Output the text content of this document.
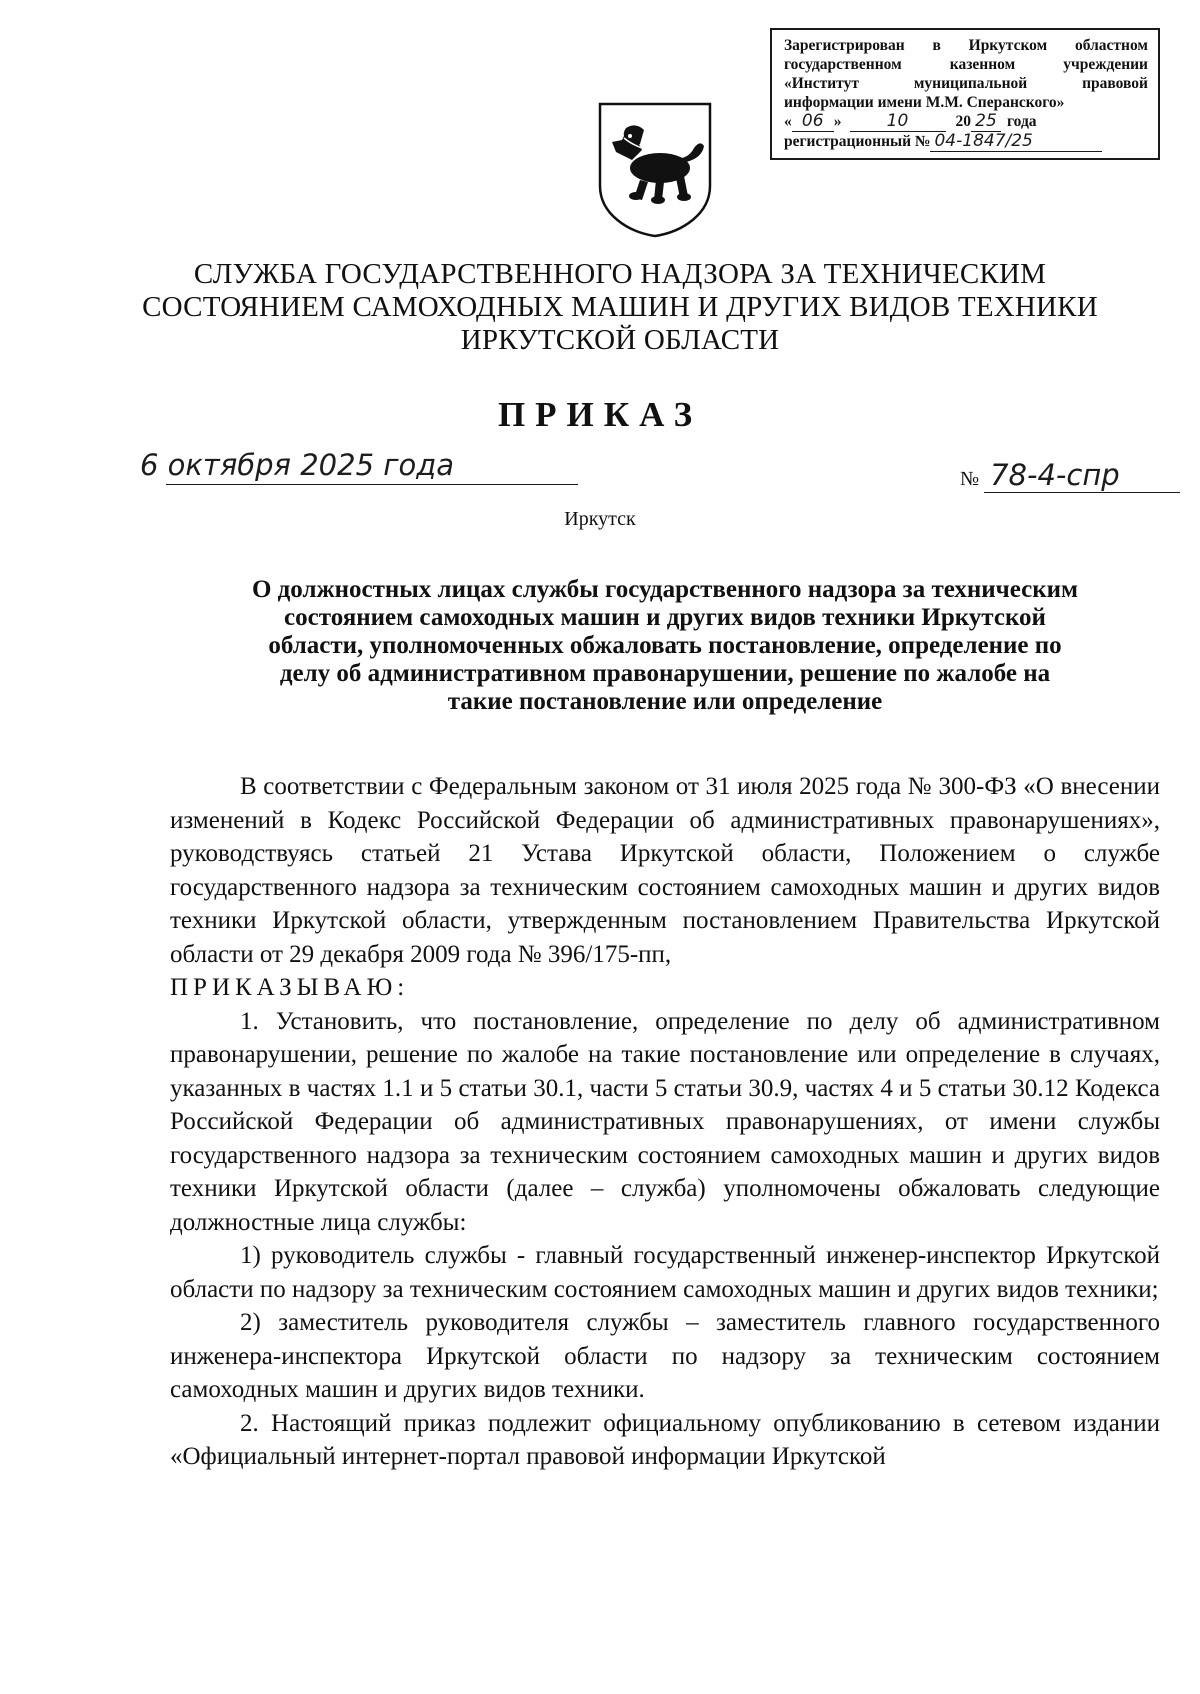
Зарегистрирован в Иркутском областном
государственном казенном учреждении
«Институт муниципальной правовой
информации имени М.М. Сперанского»
« 06 »	10	20 25 года
регистрационный № 04-1847/25
СЛУЖБА ГОСУДАРСТВЕННОГО НАДЗОРА ЗА ТЕХНИЧЕСКИМ
СОСТОЯНИЕМ САМОХОДНЫХ МАШИН И ДРУГИХ ВИДОВ ТЕХНИКИ
ИРКУТСКОЙ ОБЛАСТИ
ПРИКАЗ
6 октября 2025 года	№ 78-4-спр
Иркутск
О должностных лицах службы государственного надзора за техническим
состоянием самоходных машин и других видов техники Иркутской
области, уполномоченных обжаловать постановление, определение по
делу об административном правонарушении, решение по жалобе на
такие постановление или определение

В соответствии с Федеральным законом от 31 июля 2025 года № 300-ФЗ «О внесении изменений в Кодекс Российской Федерации об административных правонарушениях», руководствуясь статьей 21 Устава Иркутской области, Положением о службе государственного надзора за техническим состоянием самоходных машин и других видов техники Иркутской области, утвержденным постановлением Правительства Иркутской области от 29 декабря 2009 года № 396/175-пп,

ПРИКАЗЫВАЮ:

1. Установить, что постановление, определение по делу об административном правонарушении, решение по жалобе на такие постановление или определение в случаях, указанных в частях 1.1 и 5 статьи 30.1, части 5 статьи 30.9, частях 4 и 5 статьи 30.12 Кодекса Российской Федерации об административных правонарушениях, от имени службы государственного надзора за техническим состоянием самоходных машин и других видов техники Иркутской области (далее – служба) уполномочены обжаловать следующие должностные лица службы:

1) руководитель службы - главный государственный инженер-инспектор Иркутской области по надзору за техническим состоянием самоходных машин и других видов техники;

2) заместитель руководителя службы – заместитель главного государственного инженера-инспектора Иркутской области по надзору за техническим состоянием самоходных машин и других видов техники.

2. Настоящий приказ подлежит официальному опубликованию в сетевом издании «Официальный интернет-портал правовой информации Иркутской
